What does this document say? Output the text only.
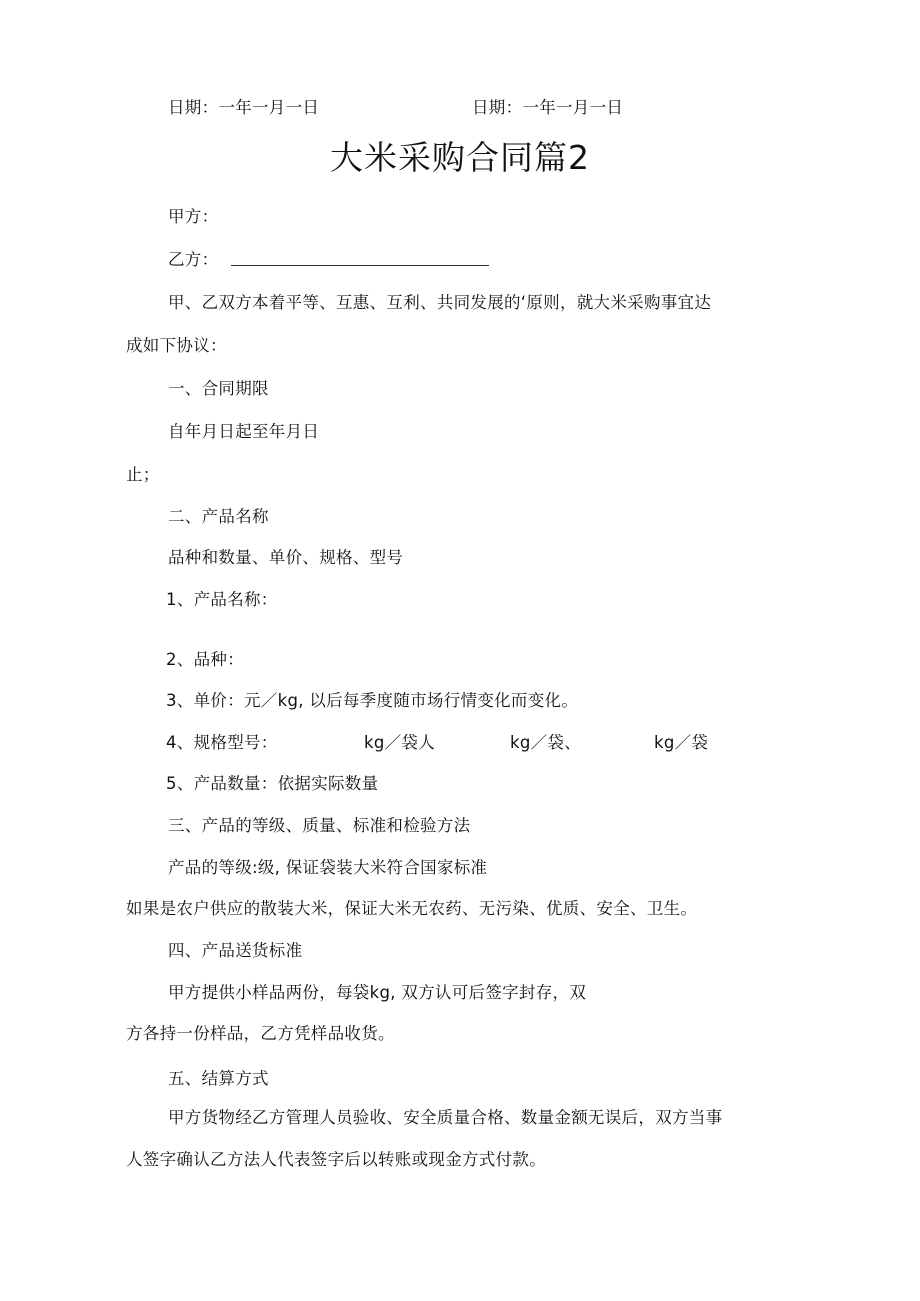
日期：一年一月一日	日期：一年一月一日
大米采购合同篇2
甲方：
乙方：
甲、乙双方本着平等、互惠、互利、共同发展的‘原则，就大米采购事宜达
成如下协议：
一、合同期限
自年月日起至年月日
止；
二、产品名称
品种和数量、单价、规格、型号
1、产品名称：
2、品种：
3、单价：元／kg, 以后每季度随市场行情变化而变化。
4、规格型号：	kg／袋人	kg／袋、	kg／袋
5、产品数量：依据实际数量
三、产品的等级、质量、标准和检验方法
产品的等级:级, 保证袋装大米符合国家标准
如果是农户供应的散装大米，保证大米无农药、无污染、优质、安全、卫生。
四、产品送货标准
甲方提供小样品两份，每袋kg, 双方认可后签字封存，双
方各持一份样品，乙方凭样品收货。
五、结算方式
甲方货物经乙方管理人员验收、安全质量合格、数量金额无误后，双方当事
人签字确认乙方法人代表签字后以转账或现金方式付款。
